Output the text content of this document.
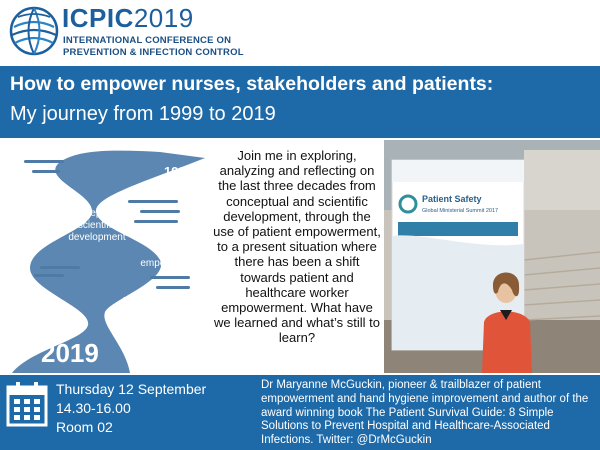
ICPIC2019
INTERNATIONAL CONFERENCE ON
PREVENTION & INFECTION CONTROL
How to empower nurses, stakeholders and patients:
My journey from 1999 to 2019
1999
Conceptual &
scientific
development
Patient
empowerment
Patient & health
worker
empowerment
2019
Join me in exploring, analyzing and reflecting on the last three decades from conceptual and scientific development, through the use of patient empowerment, to a present situation where there has been a shift towards patient and healthcare worker empowerment. What have we learned and what’s still to learn?
Patient Safety
Global Ministerial Summit 2017
Thursday 12 September
14.30-16.00
Room 02
Dr Maryanne McGuckin, pioneer & trailblazer of patient empowerment and hand hygiene improvement and author of the award winning book The Patient Survival Guide: 8 Simple Solutions to Prevent Hospital and Healthcare-Associated Infections. Twitter: @DrMcGuckin
